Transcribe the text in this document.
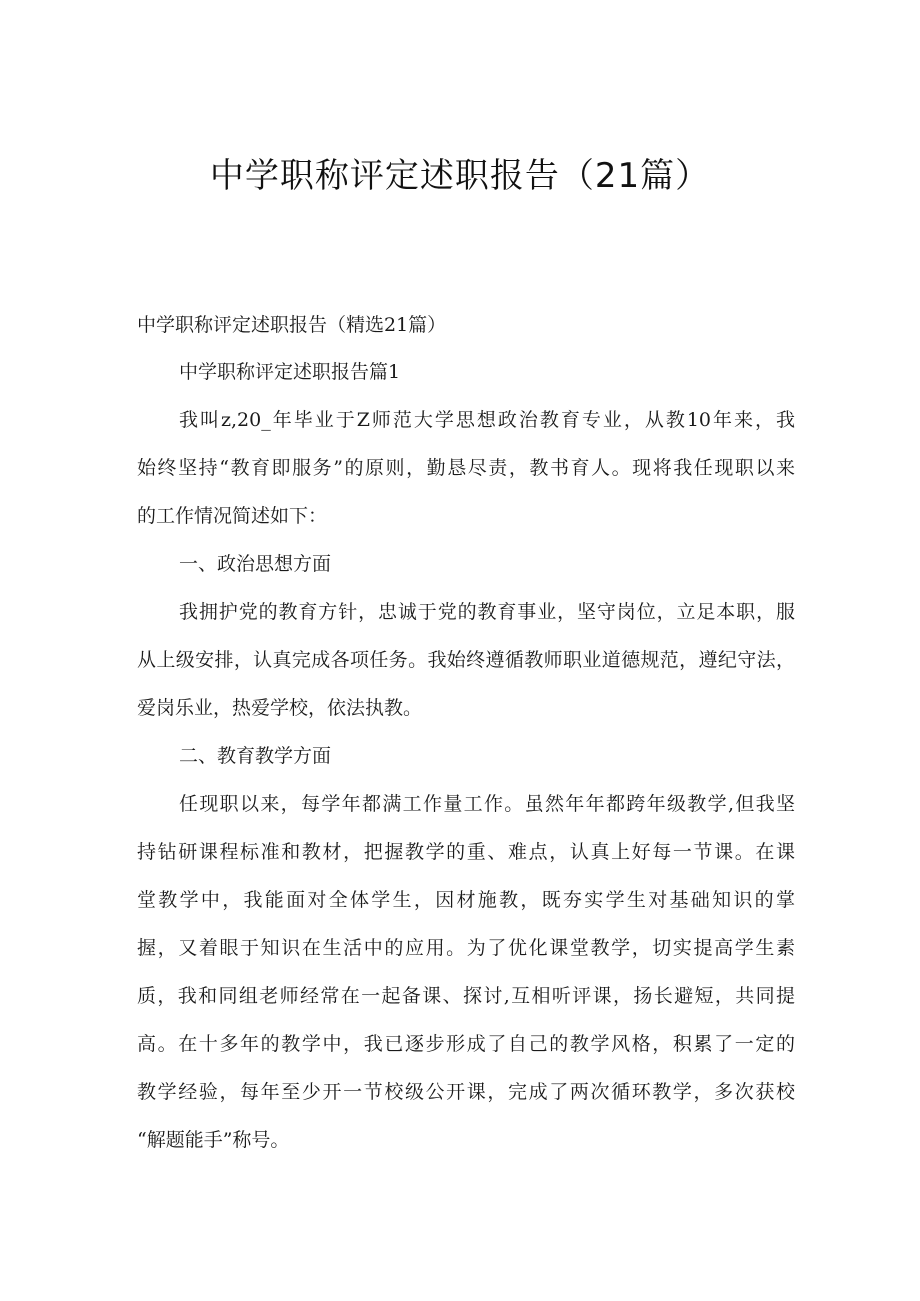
中学职称评定述职报告（21篇）
中学职称评定述职报告（精选21篇）
中学职称评定述职报告篇1
我叫z,20_年毕业于Z师范大学思想政治教育专业，从教10年来，我
始终坚持“教育即服务”的原则，勤恳尽责，教书育人。现将我任现职以来
的工作情况简述如下：
一、政治思想方面
我拥护党的教育方针，忠诚于党的教育事业，坚守岗位，立足本职，服
从上级安排，认真完成各项任务。我始终遵循教师职业道德规范，遵纪守法，
爱岗乐业，热爱学校，依法执教。
二、教育教学方面
任现职以来，每学年都满工作量工作。虽然年年都跨年级教学,但我坚
持钻研课程标准和教材，把握教学的重、难点，认真上好每一节课。在课
堂教学中，我能面对全体学生，因材施教，既夯实学生对基础知识的掌
握，又着眼于知识在生活中的应用。为了优化课堂教学，切实提高学生素
质，我和同组老师经常在一起备课、探讨,互相听评课，扬长避短，共同提
高。在十多年的教学中，我已逐步形成了自己的教学风格，积累了一定的
教学经验，每年至少开一节校级公开课，完成了两次循环教学，多次获校
“解题能手”称号。
